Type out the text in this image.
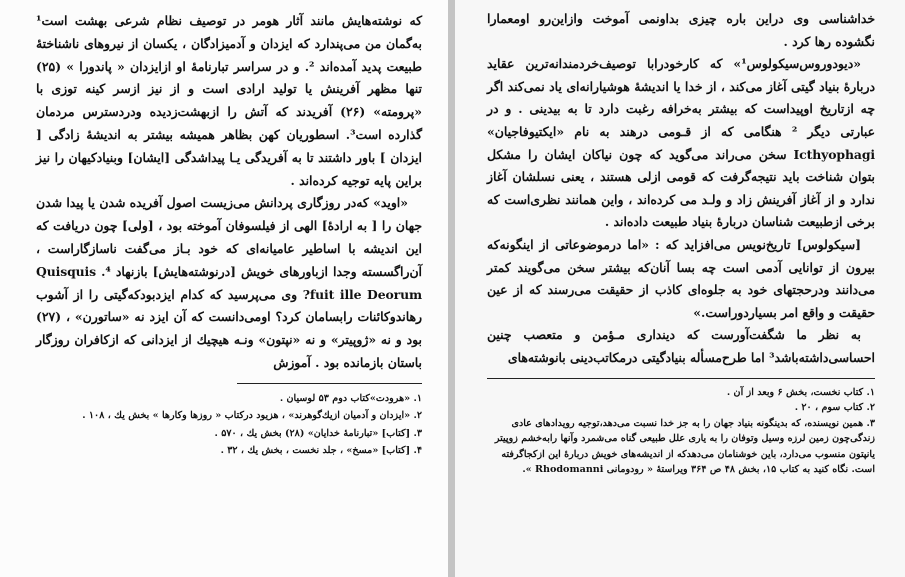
که نوشته‌هایش مانند آثار هومر در توصیف نظام شرعی بهشت است¹ به‌گمان من می‌پندارد که ایزدان و آدمیزادگان ، یکسان از نیروهای ناشناختهٔ طبیعت پدید آمده‌اند ². و در سراسر تبارنامهٔ او ازایزدان « پاندورا » (۲۵) تنها مظهر آفرینش یا تولید ارادی است و از نیز ازسر کینه توزی با «پرومته» (۲۶) آفریدند که آتش را ازبهشت‌زدیده ودردسترس مردمان گذارده است³. اسطوریان کهن بظاهر همیشه بیشتر به اندیشهٔ زادگی [ ایزدان ] باور داشتند تا به آفریدگی یـا پیدا‌شدگی [ایشان] وبنیادکیهان را نیز براین پایه توجیه کرده‌اند .

«اوید» که‌در روزگاری پردانش می‌زیست اصول آفریده شدن یا پیدا شدن جهان را [ به ارادهٔ] الهی از فیلسوفان آموخته بود ، [ولی] چون دریافت که این اندیشه با اساطیر عامیانه‌ای که خود بـاز می‌گفت ناسازگاراست ، آن‌راگسسته وجدا ازباورهای خویش [درنوشته‌هایش] بازنهاد ⁴. Quisquis fuit ille Deorum? وی می‌پرسید که کدام ایزدبودکه‌گیتی را از آشوب رهاندوکائنات رابسامان کرد؟ اومی‌دانست که آن ایزد نه «ساتورن» ، (۲۷) بود و نه «ژوپیتر» و نه «نپتون» ونـه هیچیك از ایزدانی که ازکافران روزگار باستان بازمانده بود . آموزش

۱. «هرودت»کتاب دوم ۵۳ لوسیان .
۲. «ایزدان و آدمیان ازیك‌گوهرند» ، هزیود درکتاب « روزها وکارها » بخش یك ، ۱۰۸ .
۳. [کتاب] «تبارنامهٔ خدایان» (۲۸) بخش یك ، ۵۷۰ .
۴. [کتاب] «مسخ» ، جلد نخست ، بخش یك ، ۳۲ .

خداشناسی وی دراین باره چیزی بداونمی آموخت وازاین‌رو اومعمارا نگشوده رها کرد .

«دیودوروس‌سیکولوس¹» که کارخودرابا توصیف‌خردمندانه‌ترین عقاید دربارهٔ بنیاد گیتی آغاز می‌کند ، از خدا یا اندیشهٔ هوشیارانه‌ای یاد نمی‌کند اگر چه ازتاریخ اوپیداست که بیشتر به‌خرافه رغبت دارد تا به بیدینی . و در عبارتی دیگر ² هنگامی که از قـومی درهند به نام «ایکتیوفاجیان» Icthyophagi سخن می‌راند می‌گوید که چون نیاکان ایشان را مشکل بتوان شناخت باید نتیجه‌گرفت که قومی ازلی هستند ، یعنی نسلشان آغاز ندارد و از آغاز آفرینش زاد و ولـد می کرده‌اند ، واین همانند نظری‌است که برخی ازطبیعت شناسان دربارهٔ بنیاد طبیعت داده‌اند .

[سیکولوس] تاریخ‌نویس می‌افزاید که : «اما درموضوعاتی از اینگونه‌که بیرون از توانایی آدمی است چه بسا آنان‌که بیشتر سخن می‌گویند کمتر می‌دانند ودرحجتهای خود به جلوه‌ای کاذب از حقیقت می‌رسند که از عین حقیقت و واقع امر بسیاردوراست.»

به نظر ما شگفت‌آورست که دینداری مـؤمن و متعصب چنین احساسی‌داشته‌باشد³ اما طرح‌مسأله بنیادگیتی درمکاتب‌دینی بانوشته‌های

۱. کتاب نخست، بخش ۶ وبعد از آن .
۲. کتاب سوم ، ۲۰ .
۳. همین نویسنده، که بدینگونه بنیاد جهان را به جز خدا نسبت می‌دهد،توجیه رویدادهای عادی زندگی‌چون زمین لرزه وسیل وتوفان را به یاری علل طبیعی گناه می‌شمرد وآنها رابه‌خشم زوپیتر یانپتون منسوب می‌دارد، باین خوشنامان می‌دهد‌که از اندیشه‌های خویش دربارهٔ این ازکجاگرفته است. نگاه کنید به کتاب ۱۵، بخش ۴۸ ص ۳۶۴ ویراستهٔ « رودومانی Rhodomanni ».
